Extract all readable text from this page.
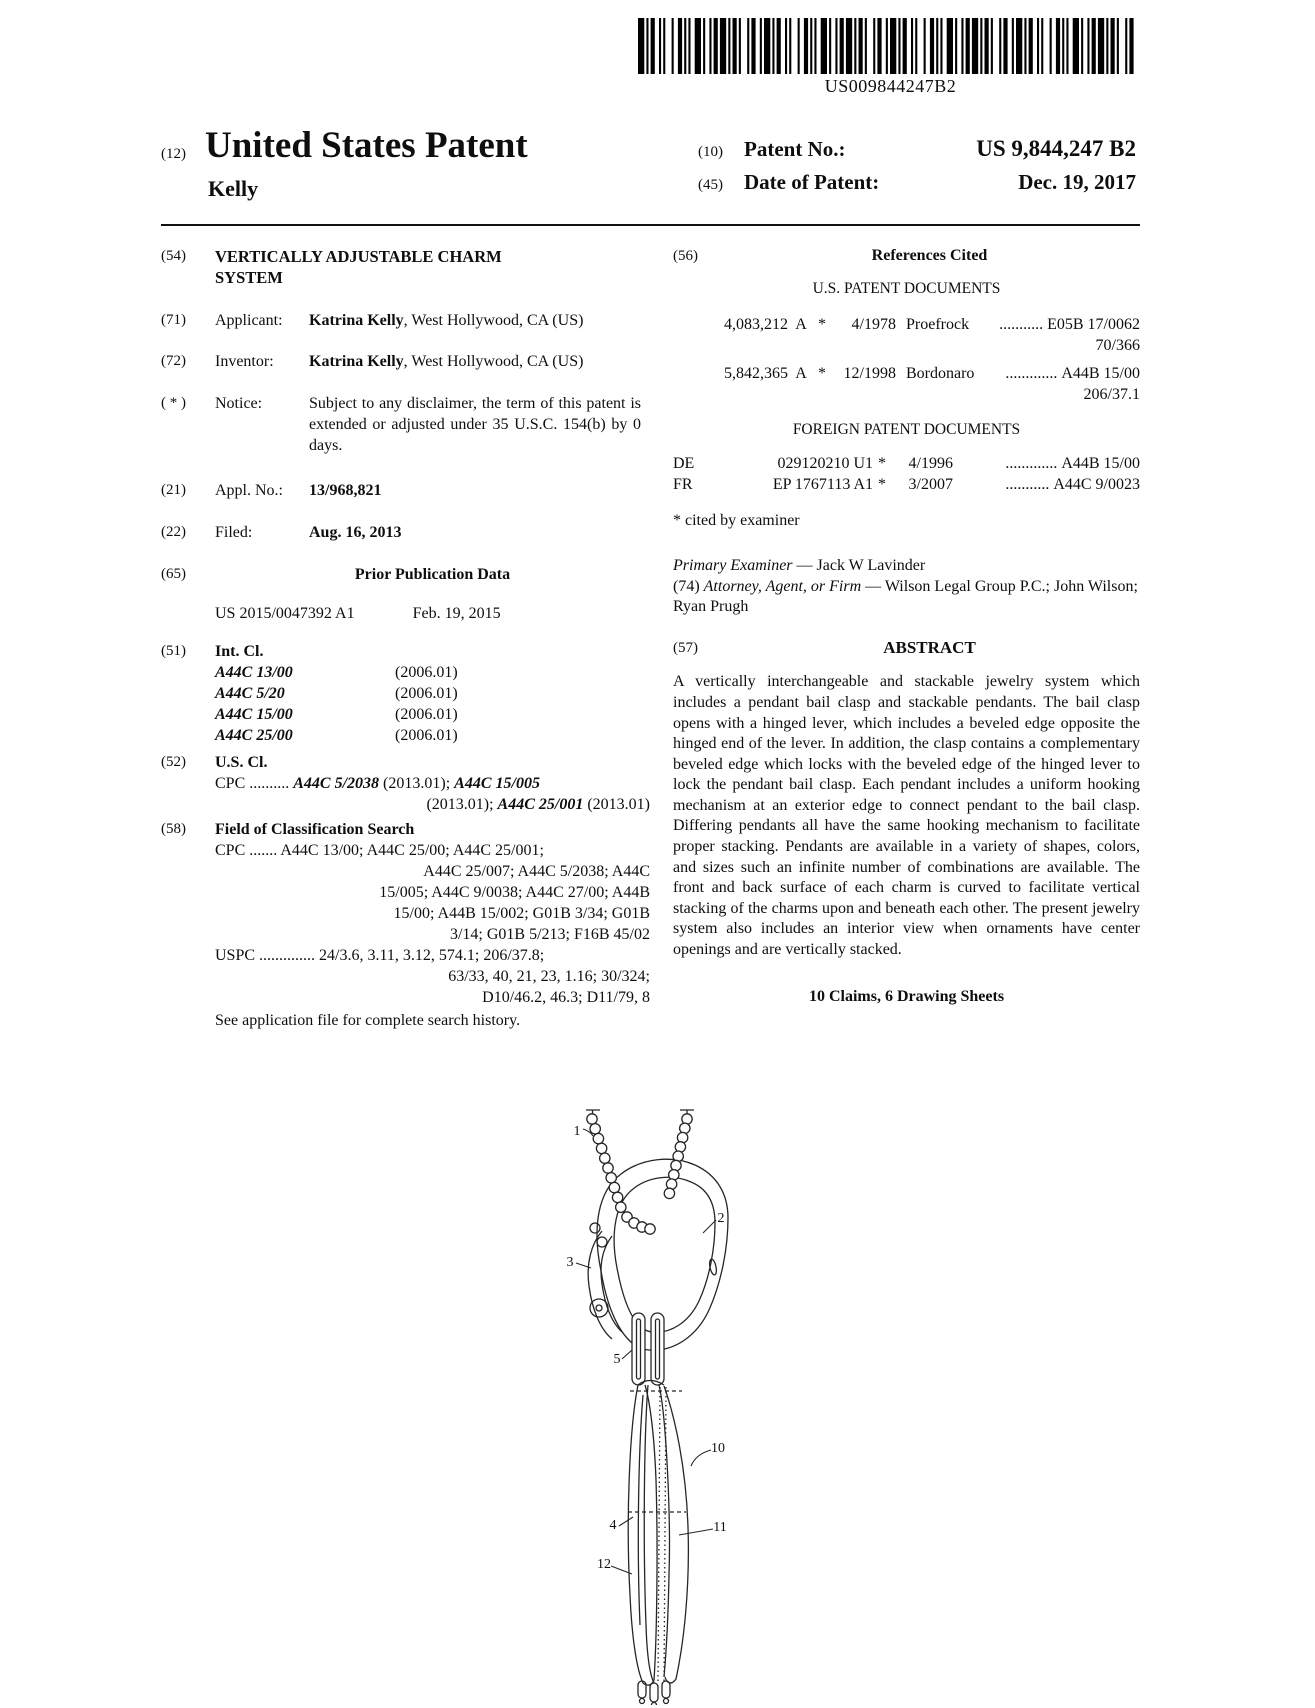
US009844247B2
(12) United States Patent
Kelly
(10)	Patent No.:	US 9,844,247 B2
(45)	Date of Patent:	Dec. 19, 2017
(54)	VERTICALLY ADJUSTABLE CHARM SYSTEM
(71)	Applicant:	Katrina Kelly, West Hollywood, CA (US)
(72)	Inventor:	Katrina Kelly, West Hollywood, CA (US)
( * )	Notice:	Subject to any disclaimer, the term of this patent is extended or adjusted under 35 U.S.C. 154(b) by 0 days.
(21)	Appl. No.:	13/968,821
(22)	Filed:	Aug. 16, 2013
(65)	Prior Publication Data
US 2015/0047392 A1	Feb. 19, 2015
(51)	Int. Cl.
A44C 13/00	(2006.01)
A44C 5/20	(2006.01)
A44C 15/00	(2006.01)
A44C 25/00	(2006.01)
(52)	U.S. Cl.
CPC .......... A44C 5/2038 (2013.01); A44C 15/005
(2013.01); A44C 25/001 (2013.01)
(58)	Field of Classification Search
CPC ....... A44C 13/00; A44C 25/00; A44C 25/001;
A44C 25/007; A44C 5/2038; A44C
15/005; A44C 9/0038; A44C 27/00; A44B
15/00; A44B 15/002; G01B 3/34; G01B
3/14; G01B 5/213; F16B 45/02
USPC .............. 24/3.6, 3.11, 3.12, 574.1; 206/37.8;
63/33, 40, 21, 23, 1.16; 30/324;
D10/46.2, 46.3; D11/79, 8
See application file for complete search history.
(56)	References Cited
U.S. PATENT DOCUMENTS
4,083,212 A *	4/1978 Proefrock ........... E05B 17/0062
70/366
5,842,365 A *	12/1998 Bordonaro ............. A44B 15/00
206/37.1
FOREIGN PATENT DOCUMENTS
DE	029120210 U1 *	4/1996	............. A44B 15/00
FR	EP 1767113 A1 *	3/2007	........... A44C 9/0023
* cited by examiner
Primary Examiner — Jack W Lavinder
(74) Attorney, Agent, or Firm — Wilson Legal Group P.C.; John Wilson; Ryan Prugh
(57)	ABSTRACT
A vertically interchangeable and stackable jewelry system which includes a pendant bail clasp and stackable pendants. The bail clasp opens with a hinged lever, which includes a beveled edge opposite the hinged end of the lever. In addition, the clasp contains a complementary beveled edge which locks with the beveled edge of the hinged lever to lock the pendant bail clasp. Each pendant includes a uniform hooking mechanism at an exterior edge to connect pendant to the bail clasp. Differing pendants all have the same hooking mechanism to facilitate proper stacking. Pendants are available in a variety of shapes, colors, and sizes such an infinite number of combinations are available. The front and back surface of each charm is curved to facilitate vertical stacking of the charms upon and beneath each other. The present jewelry system also includes an interior view when ornaments have center openings and are vertically stacked.
10 Claims, 6 Drawing Sheets
1
2
3
5
10
4	11
12
